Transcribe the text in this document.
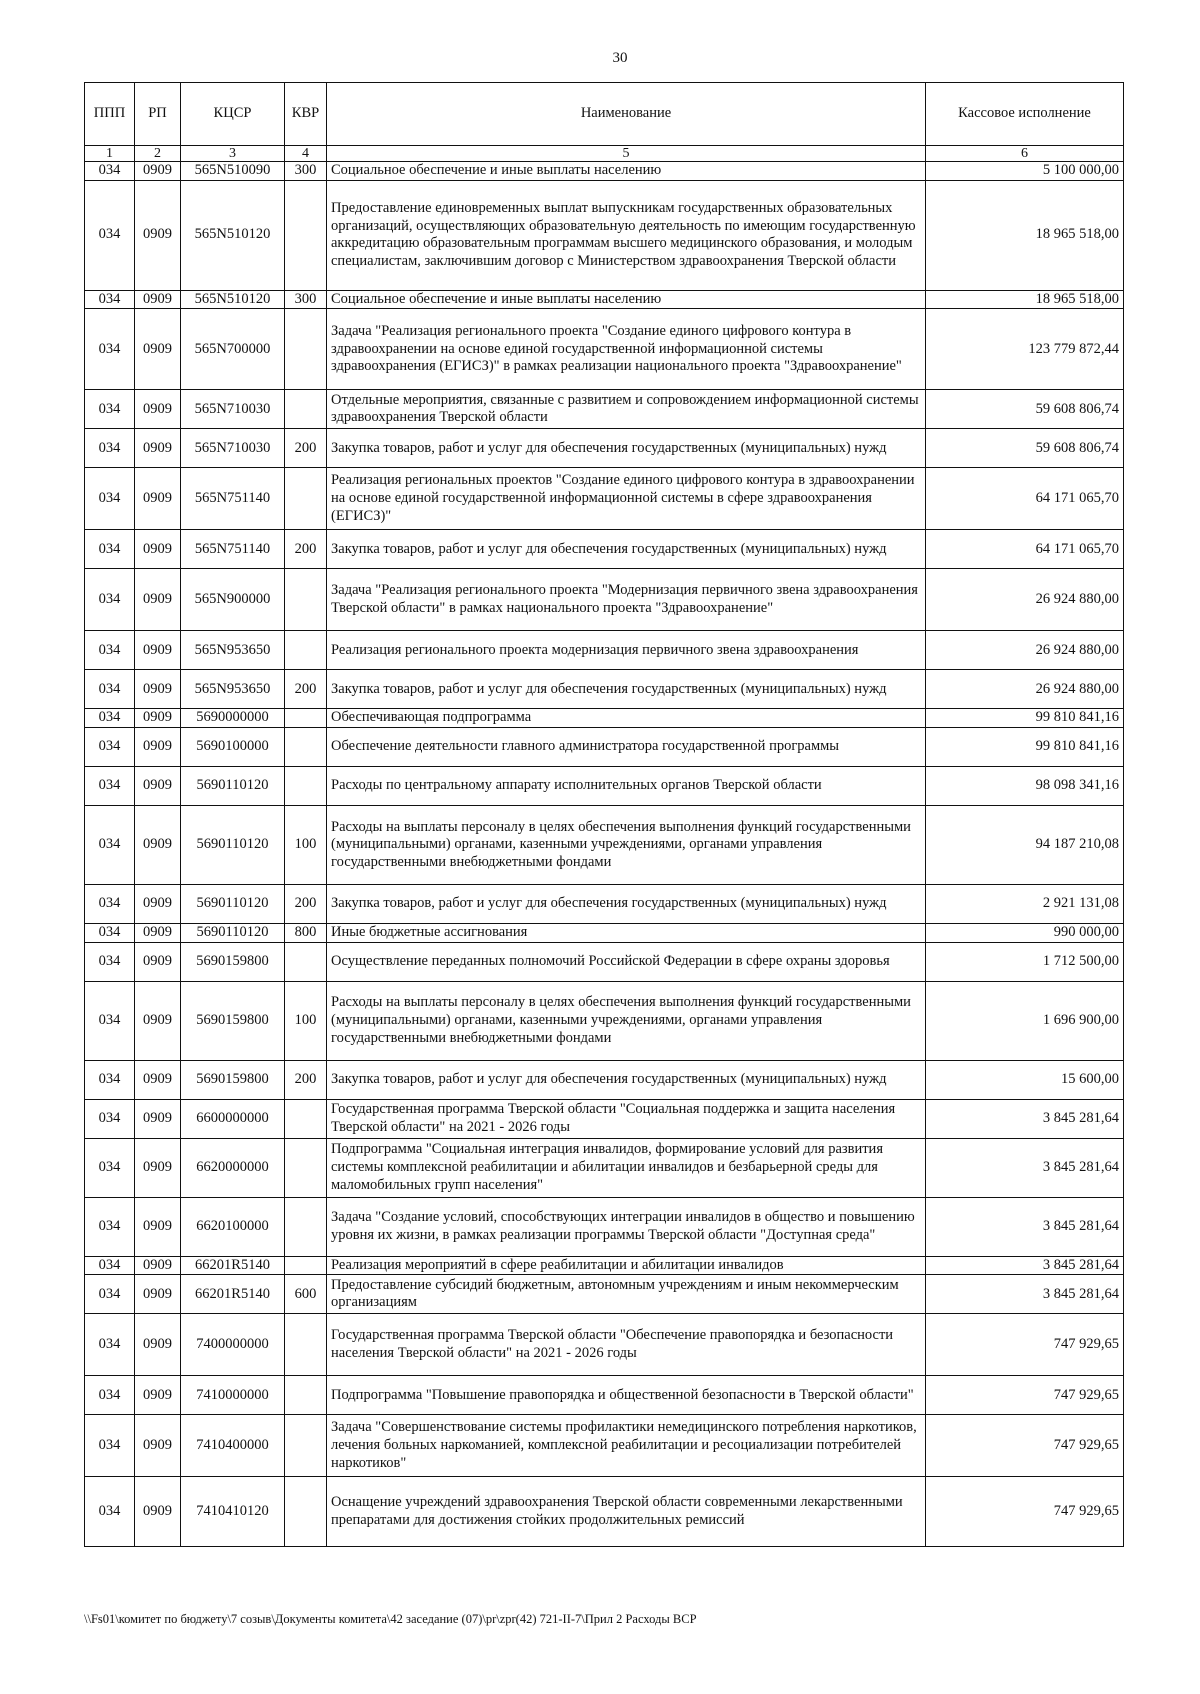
30
ППП	РП	КЦСР	КВР	Наименование	Кассовое исполнение
1	2	3	4	5	6
034	0909	565N510090	300	Социальное обеспечение и иные выплаты населению	5 100 000,00
034	0909	565N510120		Предоставление единовременных выплат выпускникам государственных образовательных организаций, осуществляющих образовательную деятельность по имеющим государственную аккредитацию образовательным программам высшего медицинского образования, и молодым специалистам, заключившим договор с Министерством здравоохранения Тверской области	18 965 518,00
034	0909	565N510120	300	Социальное обеспечение и иные выплаты населению	18 965 518,00
034	0909	565N700000		Задача "Реализация регионального проекта "Создание единого цифрового контура в здравоохранении на основе единой государственной информационной системы здравоохранения (ЕГИСЗ)" в рамках реализации национального проекта "Здравоохранение"	123 779 872,44
034	0909	565N710030		Отдельные мероприятия, связанные с развитием и сопровождением информационной системы здравоохранения Тверской области	59 608 806,74
034	0909	565N710030	200	Закупка товаров, работ и услуг для обеспечения государственных (муниципальных) нужд	59 608 806,74
034	0909	565N751140		Реализация региональных проектов "Создание единого цифрового контура в здравоохранении на основе единой государственной информационной системы в сфере здравоохранения (ЕГИСЗ)"	64 171 065,70
034	0909	565N751140	200	Закупка товаров, работ и услуг для обеспечения государственных (муниципальных) нужд	64 171 065,70
034	0909	565N900000		Задача "Реализация регионального проекта "Модернизация первичного звена здравоохранения Тверской области" в рамках национального проекта "Здравоохранение"	26 924 880,00
034	0909	565N953650		Реализация регионального проекта модернизация первичного звена здравоохранения	26 924 880,00
034	0909	565N953650	200	Закупка товаров, работ и услуг для обеспечения государственных (муниципальных) нужд	26 924 880,00
034	0909	5690000000		Обеспечивающая подпрограмма	99 810 841,16
034	0909	5690100000		Обеспечение деятельности главного администратора государственной программы	99 810 841,16
034	0909	5690110120		Расходы по центральному аппарату исполнительных органов Тверской области	98 098 341,16
034	0909	5690110120	100	Расходы на выплаты персоналу в целях обеспечения выполнения функций государственными (муниципальными) органами, казенными учреждениями, органами управления государственными внебюджетными фондами	94 187 210,08
034	0909	5690110120	200	Закупка товаров, работ и услуг для обеспечения государственных (муниципальных) нужд	2 921 131,08
034	0909	5690110120	800	Иные бюджетные ассигнования	990 000,00
034	0909	5690159800		Осуществление переданных полномочий Российской Федерации в сфере охраны здоровья	1 712 500,00
034	0909	5690159800	100	Расходы на выплаты персоналу в целях обеспечения выполнения функций государственными (муниципальными) органами, казенными учреждениями, органами управления государственными внебюджетными фондами	1 696 900,00
034	0909	5690159800	200	Закупка товаров, работ и услуг для обеспечения государственных (муниципальных) нужд	15 600,00
034	0909	6600000000		Государственная программа Тверской области "Социальная поддержка и защита населения Тверской области" на 2021 - 2026 годы	3 845 281,64
034	0909	6620000000		Подпрограмма "Социальная интеграция инвалидов, формирование условий для развития системы комплексной реабилитации и абилитации инвалидов и безбарьерной среды для маломобильных групп населения"	3 845 281,64
034	0909	6620100000		Задача "Создание условий, способствующих интеграции инвалидов в общество и повышению уровня их жизни, в рамках реализации программы Тверской области "Доступная среда"	3 845 281,64
034	0909	66201R5140		Реализация мероприятий в сфере реабилитации и абилитации инвалидов	3 845 281,64
034	0909	66201R5140	600	Предоставление субсидий бюджетным, автономным учреждениям и иным некоммерческим организациям	3 845 281,64
034	0909	7400000000		Государственная программа Тверской области "Обеспечение правопорядка и безопасности населения Тверской области" на 2021 - 2026 годы	747 929,65
034	0909	7410000000		Подпрограмма "Повышение правопорядка и общественной безопасности в Тверской области"	747 929,65
034	0909	7410400000		Задача "Совершенствование системы профилактики немедицинского потребления наркотиков, лечения больных наркоманией, комплексной реабилитации и ресоциализации потребителей наркотиков"	747 929,65
034	0909	7410410120		Оснащение учреждений здравоохранения Тверской области современными лекарственными препаратами для достижения стойких продолжительных ремиссий	747 929,65
\\Fs01\комитет по бюджету\7 созыв\Документы комитета\42 заседание (07)\pr\zpr(42) 721-II-7\Прил 2 Расходы ВСР
